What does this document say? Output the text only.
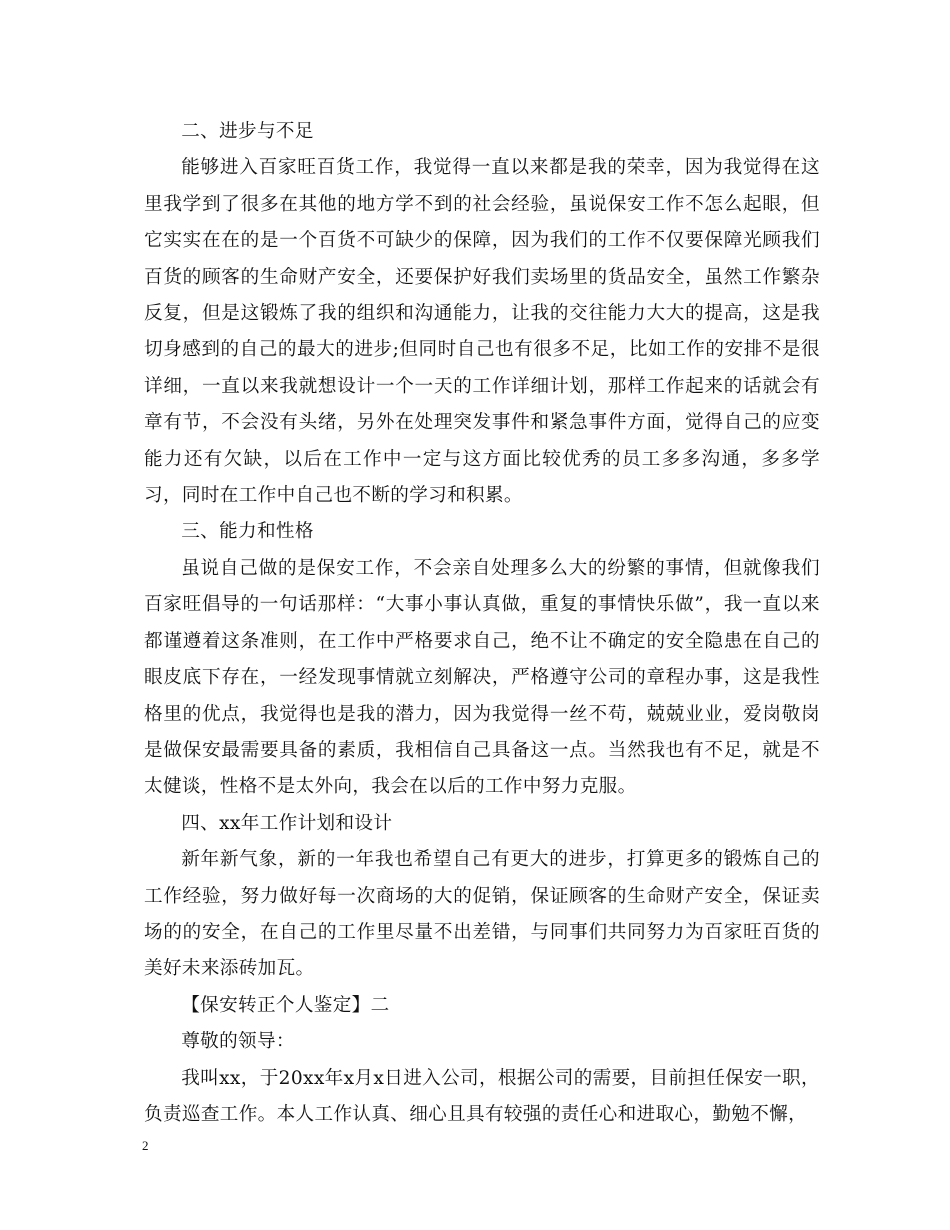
二、进步与不足

能够进入百家旺百货工作，我觉得一直以来都是我的荣幸，因为我觉得在这里我学到了很多在其他的地方学不到的社会经验，虽说保安工作不怎么起眼，但它实实在在的是一个百货不可缺少的保障，因为我们的工作不仅要保障光顾我们百货的顾客的生命财产安全，还要保护好我们卖场里的货品安全，虽然工作繁杂反复，但是这锻炼了我的组织和沟通能力，让我的交往能力大大的提高，这是我切身感到的自己的最大的进步;但同时自己也有很多不足，比如工作的安排不是很详细，一直以来我就想设计一个一天的工作详细计划，那样工作起来的话就会有章有节，不会没有头绪，另外在处理突发事件和紧急事件方面，觉得自己的应变能力还有欠缺，以后在工作中一定与这方面比较优秀的员工多多沟通，多多学习，同时在工作中自己也不断的学习和积累。

三、能力和性格

虽说自己做的是保安工作，不会亲自处理多么大的纷繁的事情，但就像我们百家旺倡导的一句话那样：“大事小事认真做，重复的事情快乐做”，我一直以来都谨遵着这条准则，在工作中严格要求自己，绝不让不确定的安全隐患在自己的眼皮底下存在，一经发现事情就立刻解决，严格遵守公司的章程办事，这是我性格里的优点，我觉得也是我的潜力，因为我觉得一丝不苟，兢兢业业，爱岗敬岗是做保安最需要具备的素质，我相信自己具备这一点。当然我也有不足，就是不太健谈，性格不是太外向，我会在以后的工作中努力克服。

四、xx年工作计划和设计

新年新气象，新的一年我也希望自己有更大的进步，打算更多的锻炼自己的工作经验，努力做好每一次商场的大的促销，保证顾客的生命财产安全，保证卖场的的安全，在自己的工作里尽量不出差错，与同事们共同努力为百家旺百货的美好未来添砖加瓦。

【保安转正个人鉴定】二

尊敬的领导：

我叫xx，于20xx年x月x日进入公司，根据公司的需要，目前担任保安一职，负责巡查工作。本人工作认真、细心且具有较强的责任心和进取心，勤勉不懈，

2
